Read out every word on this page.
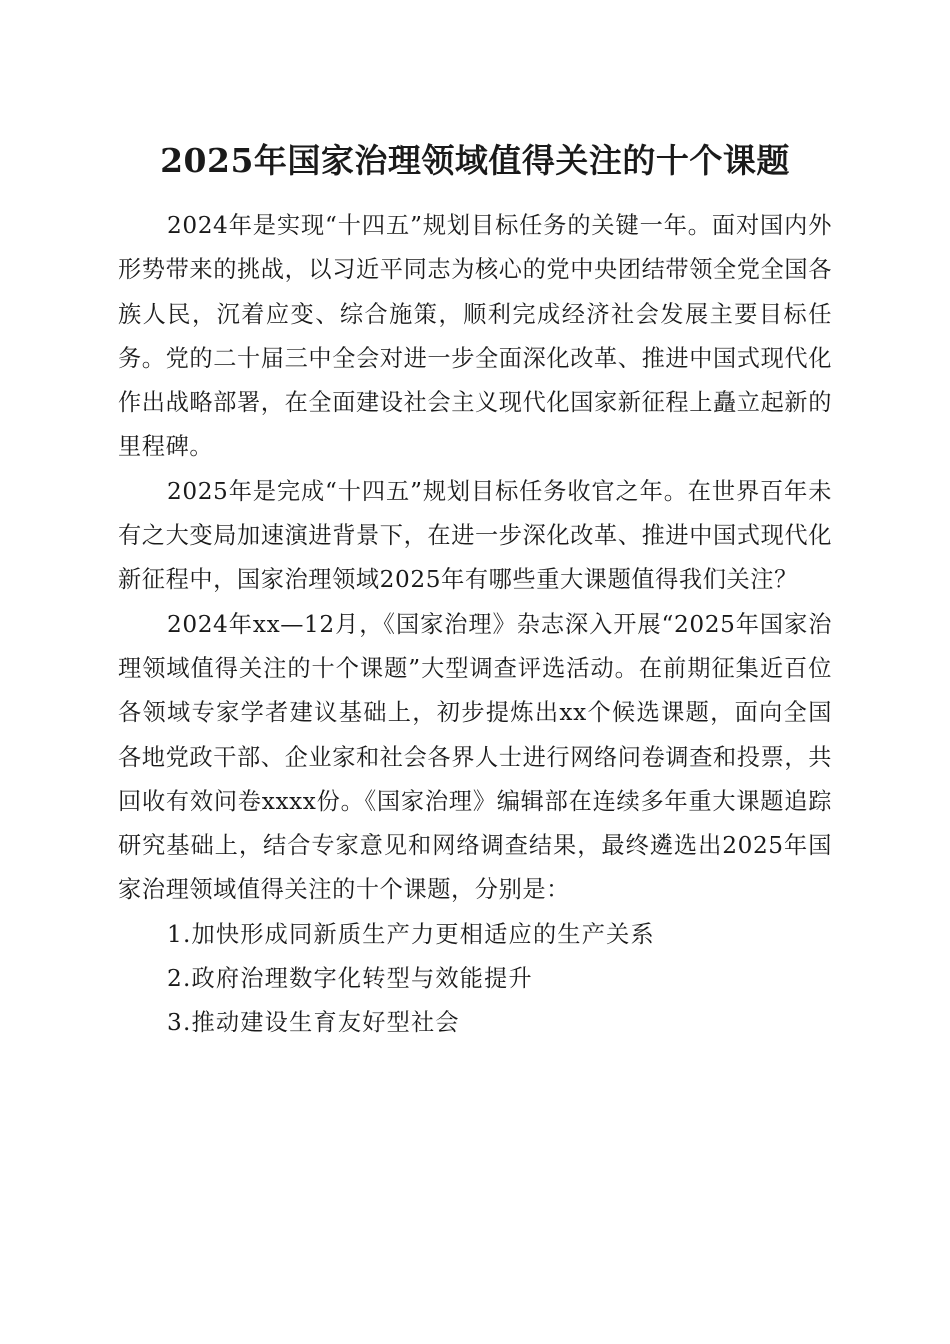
2025年国家治理领域值得关注的十个课题

2024年是实现“十四五”规划目标任务的关键一年。面对国内外形势带来的挑战，以习近平同志为核心的党中央团结带领全党全国各族人民，沉着应变、综合施策，顺利完成经济社会发展主要目标任务。党的二十届三中全会对进一步全面深化改革、推进中国式现代化作出战略部署，在全面建设社会主义现代化国家新征程上矗立起新的里程碑。

2025年是完成“十四五”规划目标任务收官之年。在世界百年未有之大变局加速演进背景下，在进一步深化改革、推进中国式现代化新征程中，国家治理领域2025年有哪些重大课题值得我们关注？

2024年xx—12月，《国家治理》杂志深入开展“2025年国家治理领域值得关注的十个课题”大型调查评选活动。在前期征集近百位各领域专家学者建议基础上，初步提炼出xx个候选课题，面向全国各地党政干部、企业家和社会各界人士进行网络问卷调查和投票，共回收有效问卷xxxx份。《国家治理》编辑部在连续多年重大课题追踪研究基础上，结合专家意见和网络调查结果，最终遴选出2025年国家治理领域值得关注的十个课题，分别是：

1.加快形成同新质生产力更相适应的生产关系

2.政府治理数字化转型与效能提升

3.推动建设生育友好型社会
